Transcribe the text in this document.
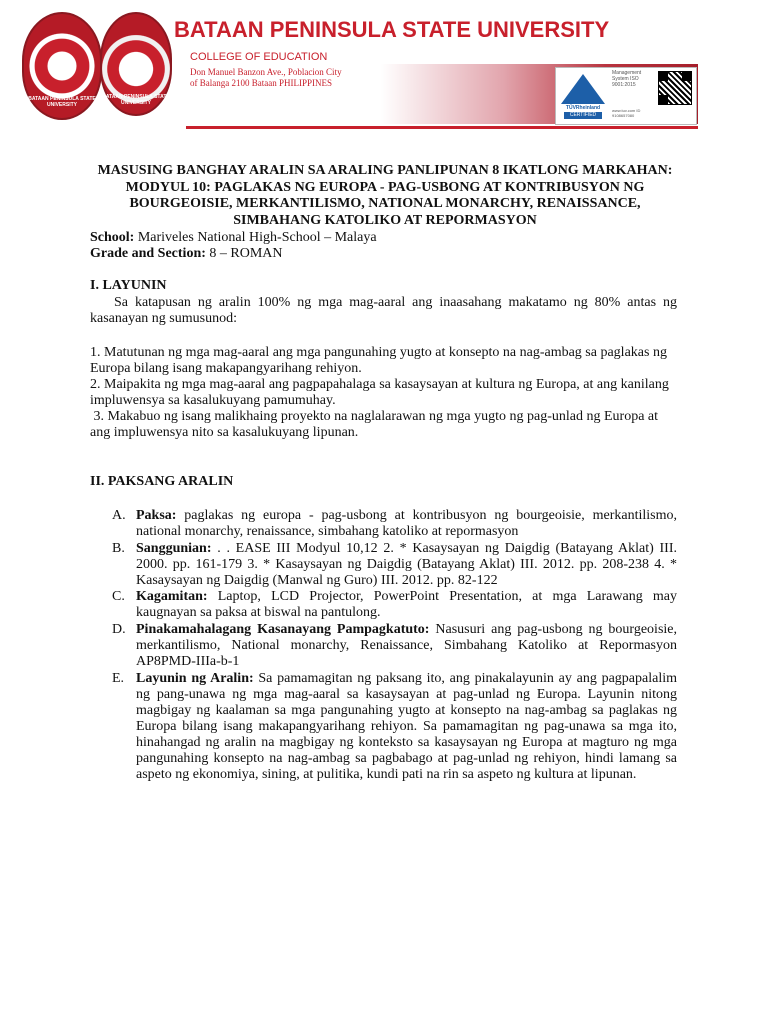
BATAAN PENINSULA STATE UNIVERSITY
BATAAN PENINSULA STATE UNIVERSITY
BATAAN PENINSULA STATE UNIVERSITY
COLLEGE OF EDUCATION
Don Manuel Banzon Ave., Poblacion City
of Balanga 2100 Bataan PHILIPPINES
TÜVRheinland
CERTIFIED
Management System ISO 9001:2015
www.tuv.com ID 9108657080
MASUSING BANGHAY ARALIN SA ARALING PANLIPUNAN 8 IKATLONG MARKAHAN: MODYUL 10: PAGLAKAS NG EUROPA - PAG-USBONG AT KONTRIBUSYON NG BOURGEOISIE, MERKANTILISMO, NATIONAL MONARCHY, RENAISSANCE, SIMBAHANG KATOLIKO AT REPORMASYON
School: Mariveles National High-School – Malaya
Grade and Section: 8 – ROMAN
I. LAYUNIN
Sa katapusan ng aralin 100% ng mga mag-aaral ang inaasahang makatamo ng 80% antas ng kasanayan ng sumusunod:
1. Matutunan ng mga mag-aaral ang mga pangunahing yugto at konsepto na nag-ambag sa paglakas ng Europa bilang isang makapangyarihang rehiyon.
2. Maipakita ng mga mag-aaral ang pagpapahalaga sa kasaysayan at kultura ng Europa, at ang kanilang impluwensya sa kasalukuyang pamumuhay.
3. Makabuo ng isang malikhaing proyekto na naglalarawan ng mga yugto ng pag-unlad ng Europa at ang impluwensya nito sa kasalukuyang lipunan.
II. PAKSANG ARALIN
A. Paksa: paglakas ng europa - pag-usbong at kontribusyon ng bourgeoisie, merkantilismo, national monarchy, renaissance, simbahang katoliko at repormasyon
B. Sanggunian: . . EASE III Modyul 10,12 2. * Kasaysayan ng Daigdig (Batayang Aklat) III. 2000. pp. 161-179 3. * Kasaysayan ng Daigdig (Batayang Aklat) III. 2012. pp. 208-238 4. * Kasaysayan ng Daigdig (Manwal ng Guro) III. 2012. pp. 82-122
C. Kagamitan: Laptop, LCD Projector, PowerPoint Presentation, at mga Larawang may kaugnayan sa paksa at biswal na pantulong.
D. Pinakamahalagang Kasanayang Pampagkatuto: Nasusuri ang pag-usbong ng bourgeoisie, merkantilismo, National monarchy, Renaissance, Simbahang Katoliko at Repormasyon AP8PMD-IIIa-b-1
E. Layunin ng Aralin: Sa pamamagitan ng paksang ito, ang pinakalayunin ay ang pagpapalalim ng pang-unawa ng mga mag-aaral sa kasaysayan at pag-unlad ng Europa. Layunin nitong magbigay ng kaalaman sa mga pangunahing yugto at konsepto na nag-ambag sa paglakas ng Europa bilang isang makapangyarihang rehiyon. Sa pamamagitan ng pag-unawa sa mga ito, hinahangad ng aralin na magbigay ng konteksto sa kasaysayan ng Europa at magturo ng mga pangunahing konsepto na nag-ambag sa pagbabago at pag-unlad ng rehiyon, hindi lamang sa aspeto ng ekonomiya, sining, at pulitika, kundi pati na rin sa aspeto ng kultura at lipunan.
